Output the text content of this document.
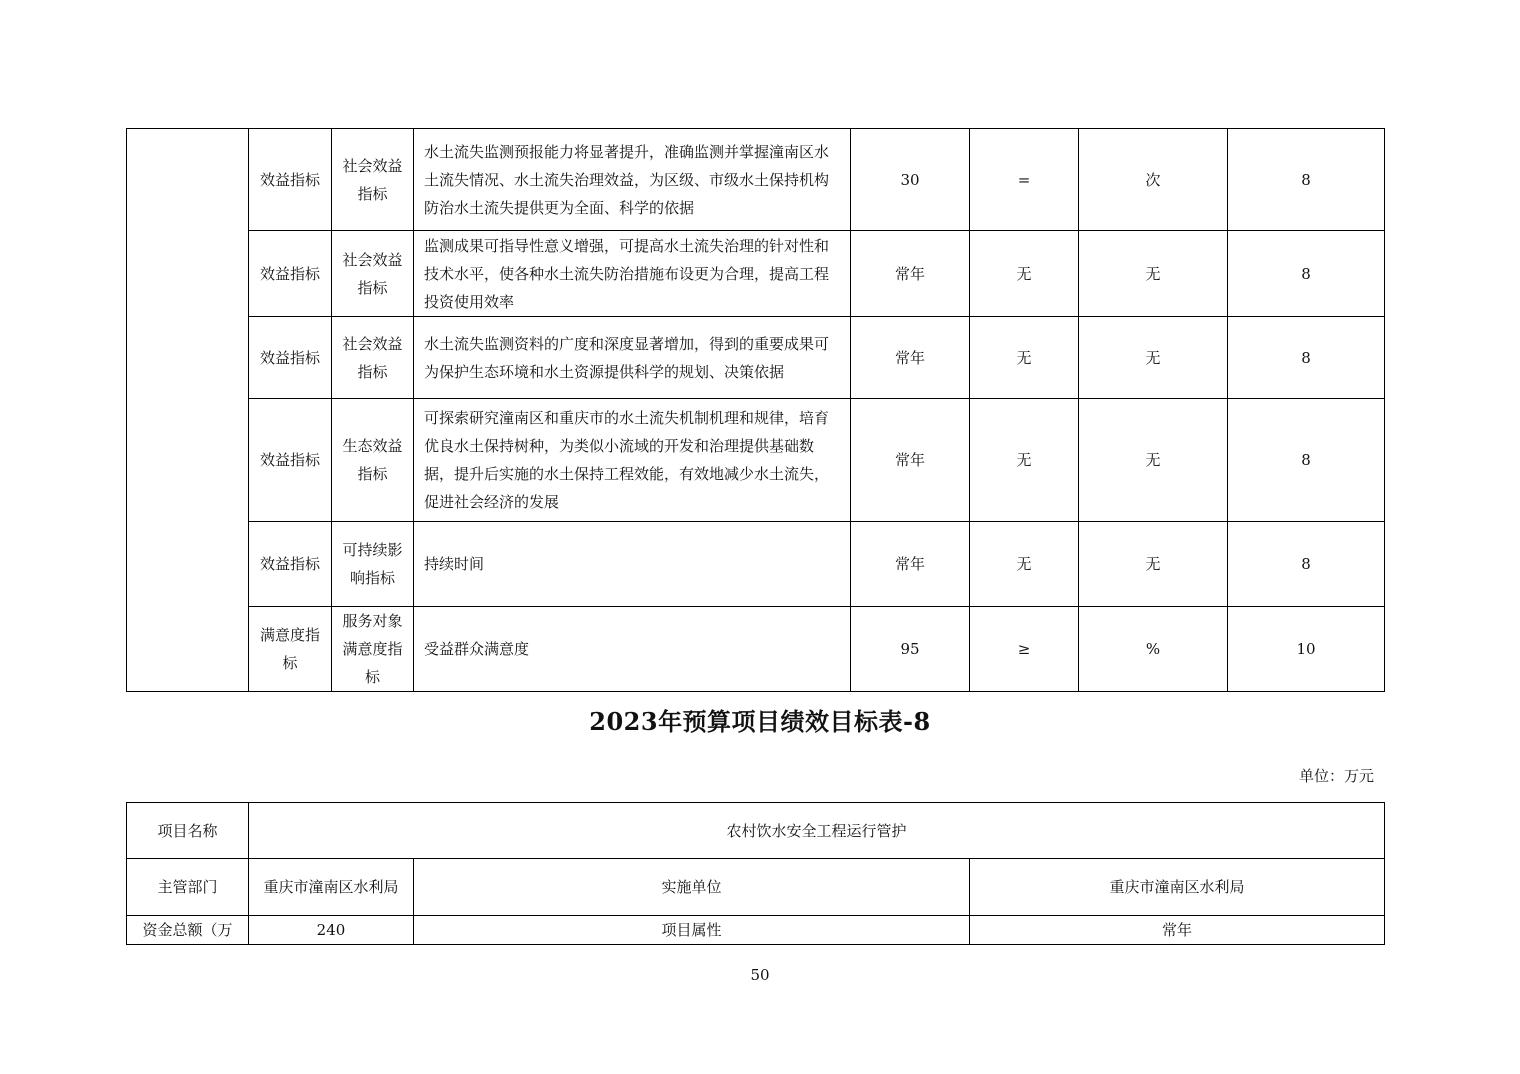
	效益指标	社会效益指标	水土流失监测预报能力将显著提升，准确监测并掌握潼南区水土流失情况、水土流失治理效益，为区级、市级水土保持机构防治水土流失提供更为全面、科学的依据	30	=	次	8
	效益指标	社会效益指标	监测成果可指导性意义增强，可提高水土流失治理的针对性和技术水平，使各种水土流失防治措施布设更为合理，提高工程投资使用效率	常年	无	无	8
	效益指标	社会效益指标	水土流失监测资料的广度和深度显著增加，得到的重要成果可为保护生态环境和水土资源提供科学的规划、决策依据	常年	无	无	8
	效益指标	生态效益指标	可探索研究潼南区和重庆市的水土流失机制机理和规律，培育优良水土保持树种，为类似小流域的开发和治理提供基础数据，提升后实施的水土保持工程效能，有效地减少水土流失，促进社会经济的发展	常年	无	无	8
	效益指标	可持续影响指标	持续时间	常年	无	无	8
	满意度指标	服务对象满意度指标	受益群众满意度	95	≥	%	10
2023年预算项目绩效目标表-8
单位：万元
项目名称	农村饮水安全工程运行管护		
主管部门	重庆市潼南区水利局	实施单位	重庆市潼南区水利局
资金总额（万	240	项目属性	常年
50
